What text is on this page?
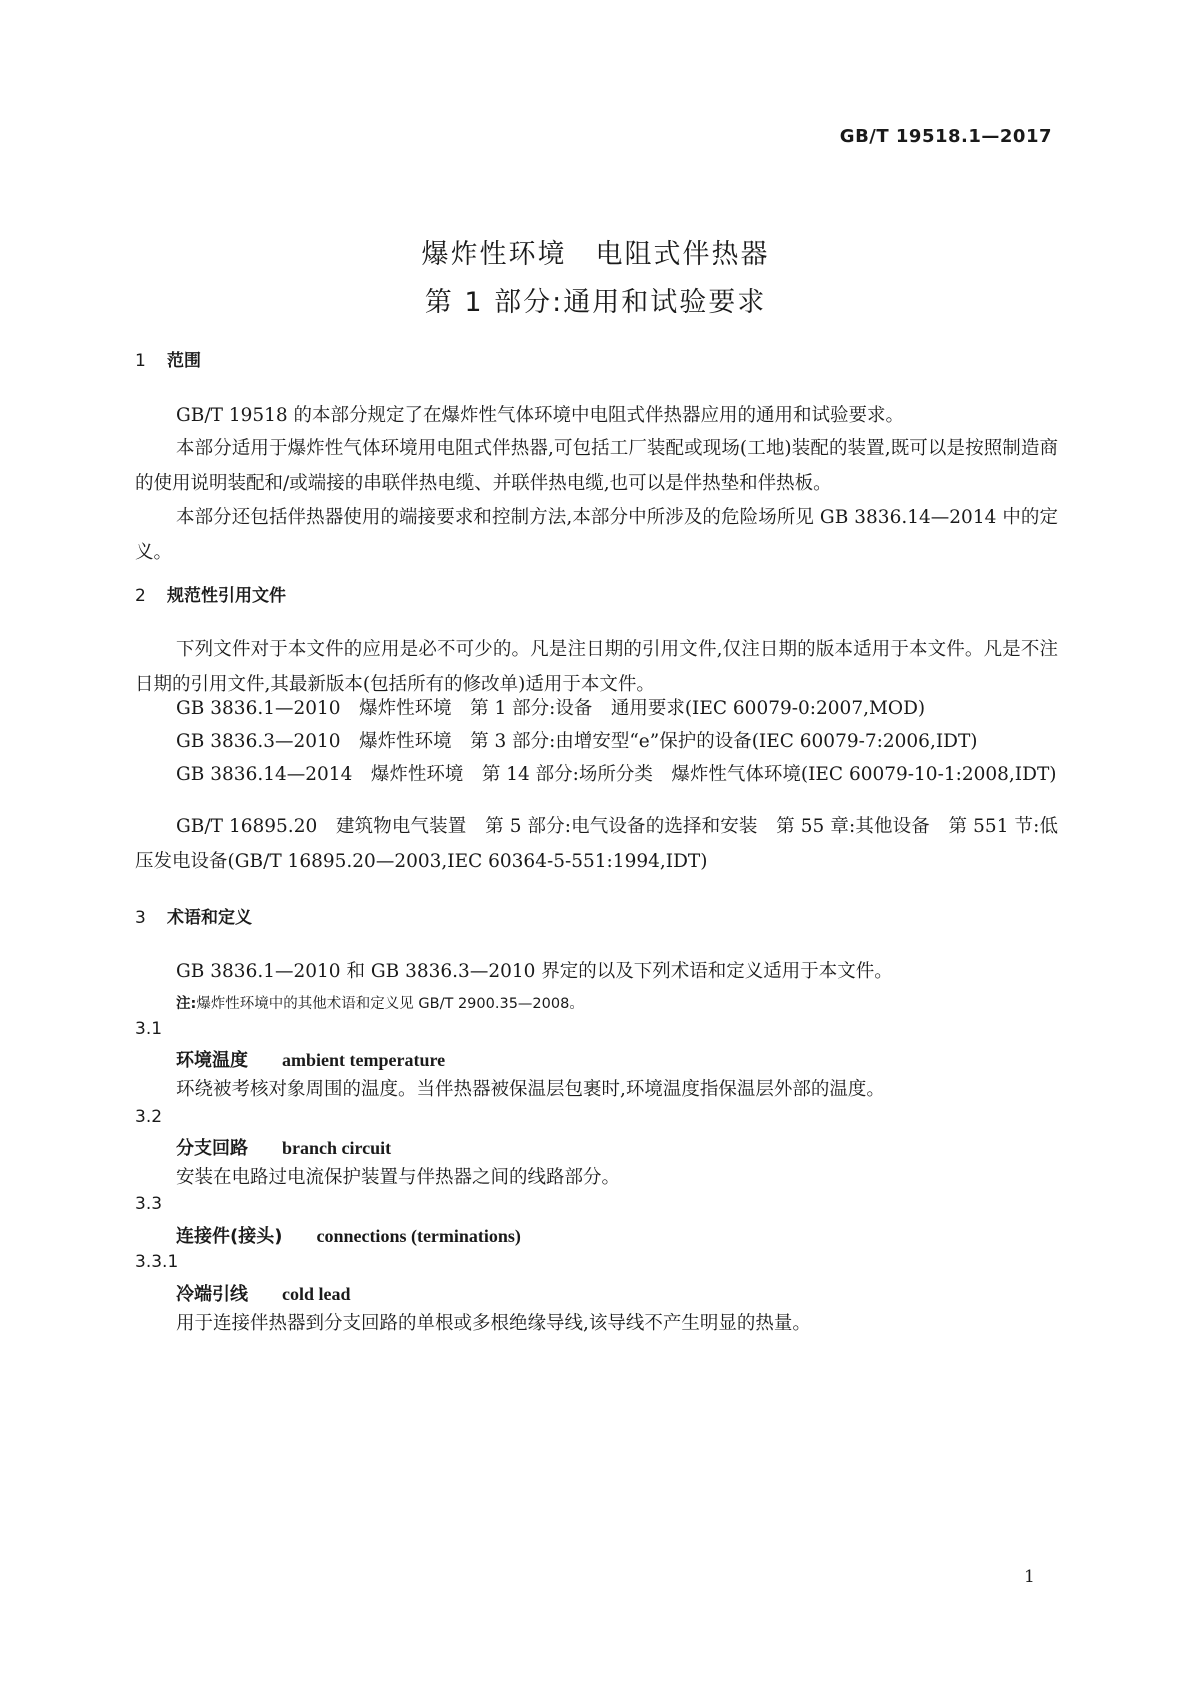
GB/T 19518.1—2017
爆炸性环境　电阻式伴热器
第 1 部分:通用和试验要求
1 范围
GB/T 19518 的本部分规定了在爆炸性气体环境中电阻式伴热器应用的通用和试验要求。
本部分适用于爆炸性气体环境用电阻式伴热器,可包括工厂装配或现场(工地)装配的装置,既可以是按照制造商的使用说明装配和/或端接的串联伴热电缆、并联伴热电缆,也可以是伴热垫和伴热板。
本部分还包括伴热器使用的端接要求和控制方法,本部分中所涉及的危险场所见 GB 3836.14—2014 中的定义。
2 规范性引用文件
下列文件对于本文件的应用是必不可少的。凡是注日期的引用文件,仅注日期的版本适用于本文件。凡是不注日期的引用文件,其最新版本(包括所有的修改单)适用于本文件。
GB 3836.1—2010　爆炸性环境　第 1 部分:设备　通用要求(IEC 60079-0:2007,MOD)
GB 3836.3—2010　爆炸性环境　第 3 部分:由增安型“e”保护的设备(IEC 60079-7:2006,IDT)
GB 3836.14—2014　爆炸性环境　第 14 部分:场所分类　爆炸性气体环境(IEC 60079-10-1:2008,IDT)
GB/T 16895.20　建筑物电气装置　第 5 部分:电气设备的选择和安装　第 55 章:其他设备　第 551 节:低压发电设备(GB/T 16895.20—2003,IEC 60364-5-551:1994,IDT)
3 术语和定义
GB 3836.1—2010 和 GB 3836.3—2010 界定的以及下列术语和定义适用于本文件。
注:爆炸性环境中的其他术语和定义见 GB/T 2900.35—2008。
3.1
环境温度 ambient temperature
环绕被考核对象周围的温度。当伴热器被保温层包裹时,环境温度指保温层外部的温度。
3.2
分支回路 branch circuit
安装在电路过电流保护装置与伴热器之间的线路部分。
3.3
连接件(接头) connections (terminations)
3.3.1
冷端引线 cold lead
用于连接伴热器到分支回路的单根或多根绝缘导线,该导线不产生明显的热量。
1
